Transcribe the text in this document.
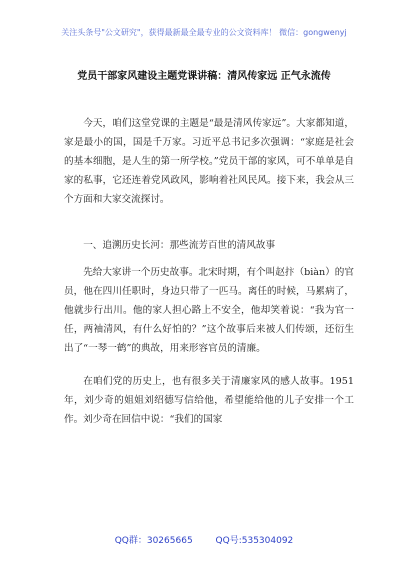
关注头条号"公文研究"，获得最新最全最专业的公文资料库！ 微信：gongwenyj
党员干部家风建设主题党课讲稿：清风传家远 正气永流传

今天，咱们这堂党课的主题是“最是清风传家远”。大家都知道，家是最小的国，国是千万家。习近平总书记多次强调：“家庭是社会的基本细胞，是人生的第一所学校。”党员干部的家风，可不单单是自家的私事，它还连着党风政风，影响着社风民风。接下来，我会从三个方面和大家交流探讨。

一、追溯历史长河：那些流芳百世的清风故事

先给大家讲一个历史故事。北宋时期，有个叫赵抃（biàn）的官员，他在四川任职时，身边只带了一匹马。离任的时候，马累病了，他就步行出川。他的家人担心路上不安全，他却笑着说：“我为官一任，两袖清风，有什么好怕的？”这个故事后来被人们传颂，还衍生出了“一琴一鹤”的典故，用来形容官员的清廉。

在咱们党的历史上，也有很多关于清廉家风的感人故事。1951年，刘少奇的姐姐刘绍德写信给他，希望能给他的儿子安排一个工作。刘少奇在回信中说：“我们的国家

QQ群：30265665	QQ号:535304092
